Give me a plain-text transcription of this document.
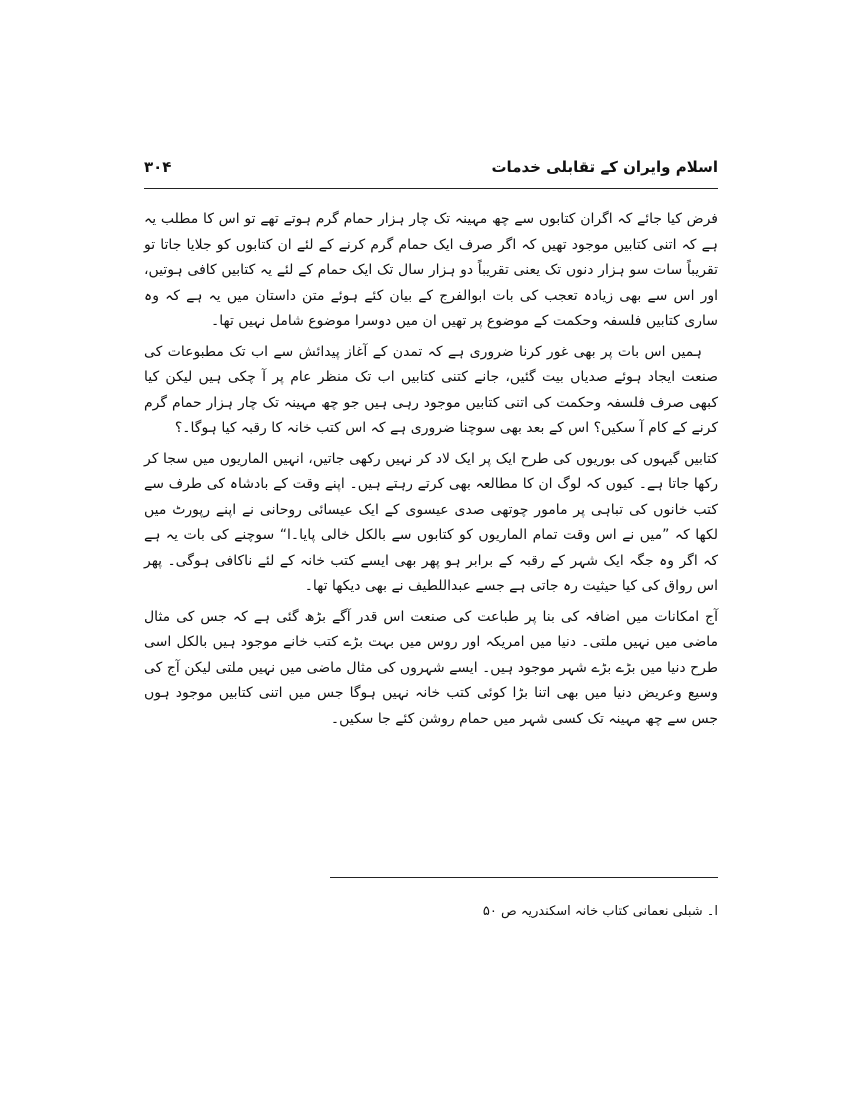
اسلام وایران کے تقابلی خدمات
۳۰۴

فرض کیا جائے کہ اگران کتابوں سے چھ مہینہ تک چار ہزار حمام گرم ہوتے تھے تو اس کا مطلب یہ ہے کہ اتنی کتابیں موجود تھیں کہ اگر صرف ایک حمام گرم کرنے کے لئے ان کتابوں کو جلایا جاتا تو تقریباً سات سو ہزار دنوں تک یعنی تقریباً دو ہزار سال تک ایک حمام کے لئے یہ کتابیں کافی ہوتیں، اور اس سے بھی زیادہ تعجب کی بات ابوالفرج کے بیان کئے ہوئے متن داستان میں یہ ہے کہ وہ ساری کتابیں فلسفہ وحکمت کے موضوع پر تھیں ان میں دوسرا موضوع شامل نہیں تھا۔

ہمیں اس بات پر بھی غور کرنا ضروری ہے کہ تمدن کے آغاز پیدائش سے اب تک مطبوعات کی صنعت ایجاد ہوئے صدیاں بیت گئیں، جانے کتنی کتابیں اب تک منظر عام پر آ چکی ہیں لیکن کیا کبھی صرف فلسفہ وحکمت کی اتنی کتابیں موجود رہی ہیں جو چھ مہینہ تک چار ہزار حمام گرم کرنے کے کام آ سکیں؟ اس کے بعد بھی سوچنا ضروری ہے کہ اس کتب خانہ کا رقبہ کیا ہوگا۔؟

کتابیں گیہوں کی بوریوں کی طرح ایک پر ایک لاد کر نہیں رکھی جاتیں، انہیں الماریوں میں سجا کر رکھا جاتا ہے۔ کیوں کہ لوگ ان کا مطالعہ بھی کرتے رہتے ہیں۔ اپنے وقت کے بادشاہ کی طرف سے کتب خانوں کی تباہی پر مامور چوتھی صدی عیسوی کے ایک عیسائی روحانی نے اپنے رپورٹ میں لکھا کہ ”میں نے اس وقت تمام الماریوں کو کتابوں سے بالکل خالی پایا۔ا“ سوچنے کی بات یہ ہے کہ اگر وہ جگہ ایک شہر کے رقبہ کے برابر ہو پھر بھی ایسے کتب خانہ کے لئے ناکافی ہوگی۔ پھر اس رواق کی کیا حیثیت رہ جاتی ہے جسے عبداللطیف نے بھی دیکھا تھا۔

آج امکانات میں اضافہ کی بنا پر طباعت کی صنعت اس قدر آگے بڑھ گئی ہے کہ جس کی مثال ماضی میں نہیں ملتی۔ دنیا میں امریکہ اور روس میں بہت بڑے کتب خانے موجود ہیں بالکل اسی طرح دنیا میں بڑے بڑے شہر موجود ہیں۔ ایسے شہروں کی مثال ماضی میں نہیں ملتی لیکن آج کی وسیع وعریض دنیا میں بھی اتنا بڑا کوئی کتب خانہ نہیں ہوگا جس میں اتنی کتابیں موجود ہوں جس سے چھ مہینہ تک کسی شہر میں حمام روشن کئے جا سکیں۔

ا۔ شبلی نعمانی کتاب خانہ اسکندریہ ص ۵۰
